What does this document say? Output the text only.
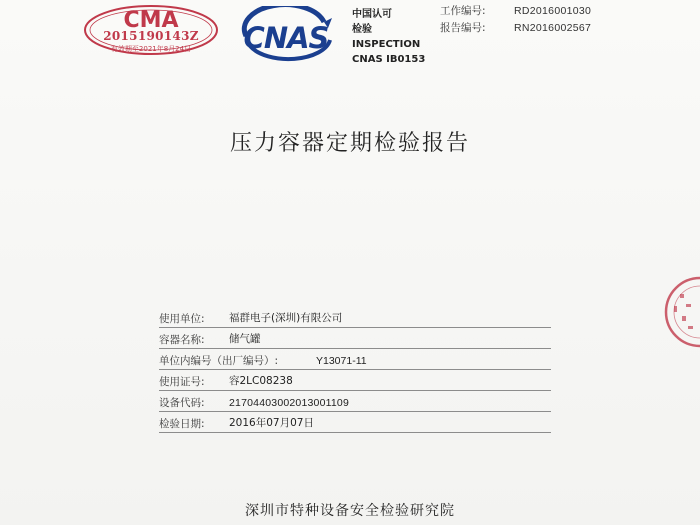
CMA
2015190143Z
有效期至2021年8月24日	CNAS
中国认可
检验
INSPECTION
CNAS IB0153
工作编号:	RD2016001030
报告编号:	RN2016002567
压力容器定期检验报告
使用单位: 福群电子(深圳)有限公司
容器名称: 储气罐
单位内编号（出厂编号）:	Y13071-11
使用证号: 容2LC08238
设备代码: 21704403002013001109
检验日期: 2016年07月07日
深圳市特种设备安全检验研究院
